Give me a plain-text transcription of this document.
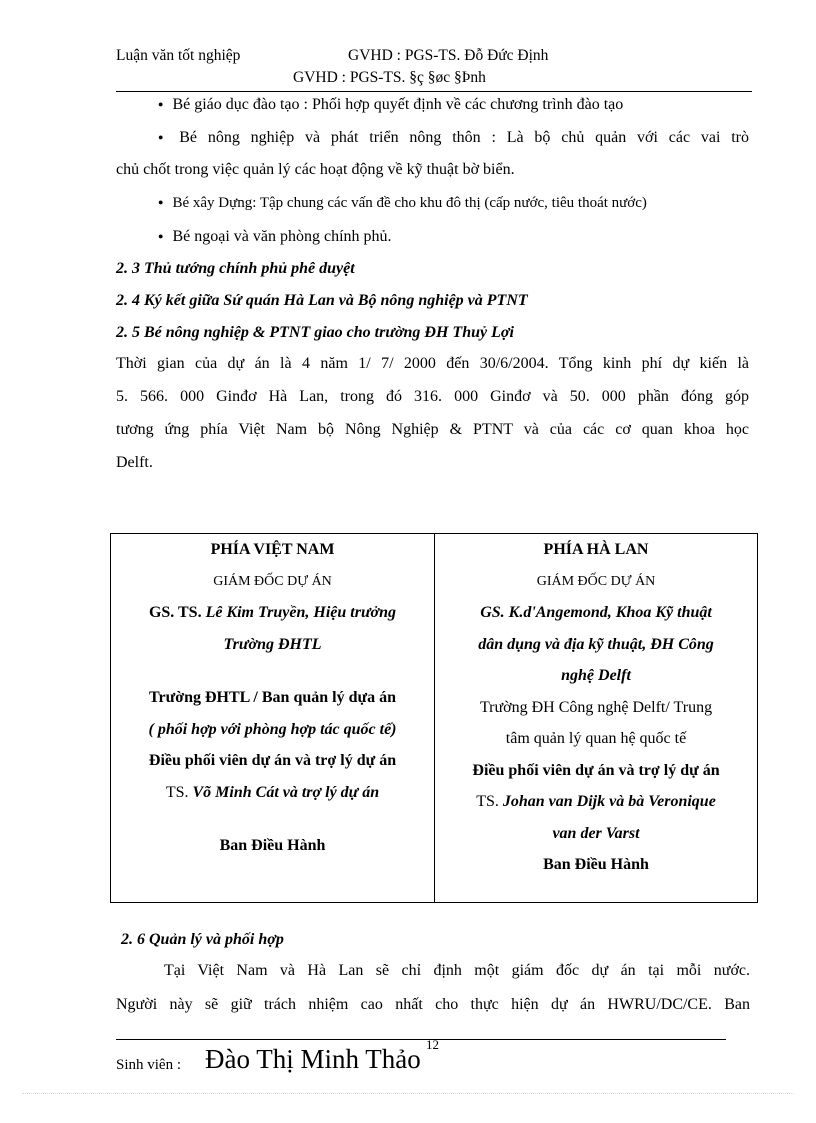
Luận văn tốt nghiệp	GVHD : PGS-TS. Đỗ Đức Định
GVHD : PGS-TS. §ç §øc §Þnh
● Bé giáo dục đào tạo : Phối hợp quyết định về các chương trình đào tạo
● Bé nông nghiệp và phát triển nông thôn : Là bộ chủ quản với các vai trò
chủ chốt trong việc quản lý các hoạt động về kỹ thuật bờ biển.
● Bé xây Dựng: Tập chung các vấn đề cho khu đô thị (cấp nước, tiêu thoát nước)
● Bé ngoại và văn phòng chính phủ.
2. 3 Thủ tướng chính phủ phê duyệt
2. 4 Ký kết giữa Sứ quán Hà Lan và Bộ nông nghiệp và PTNT
2. 5 Bé nông nghiệp & PTNT giao cho trường ĐH Thuỷ Lợi
Thời gian của dự án là 4 năm 1/ 7/ 2000 đến 30/6/2004. Tổng kinh phí dự kiến là
5. 566. 000 Ginđơ Hà Lan, trong đó 316. 000 Ginđơ và 50. 000 phần đóng góp
tương ứng phía Việt Nam bộ Nông Nghiệp & PTNT và của các cơ quan khoa học
Delft.
PHÍA VIỆT NAM
GIÁM ĐỐC DỰ ÁN
GS. TS. Lê Kim Truyền, Hiệu trưởng
Trường ĐHTL
Trường ĐHTL / Ban quản lý dựa án
( phối hợp với phòng hợp tác quốc tế)
Điều phối viên dự án và trợ lý dự án
TS. Võ Minh Cát và trợ lý dự án
Ban Điều Hành

PHÍA HÀ LAN
GIÁM ĐỐC DỰ ÁN
GS. K.d'Angemond, Khoa Kỹ thuật
dân dụng và địa kỹ thuật, ĐH Công
nghệ Delft
Trường ĐH Công nghệ Delft/ Trung
tâm quản lý quan hệ quốc tế
Điều phối viên dự án và trợ lý dự án
TS. Johan van Dijk và bà Veronique
van der Varst
Ban Điều Hành
2. 6 Quản lý và phối hợp
Tại Việt Nam và Hà Lan sẽ chỉ định một giám đốc dự án tại mỗi nước.
Người này sẽ giữ trách nhiệm cao nhất cho thực hiện dự án HWRU/DC/CE. Ban
12
Sinh viên : Đào Thị Minh Thảo
